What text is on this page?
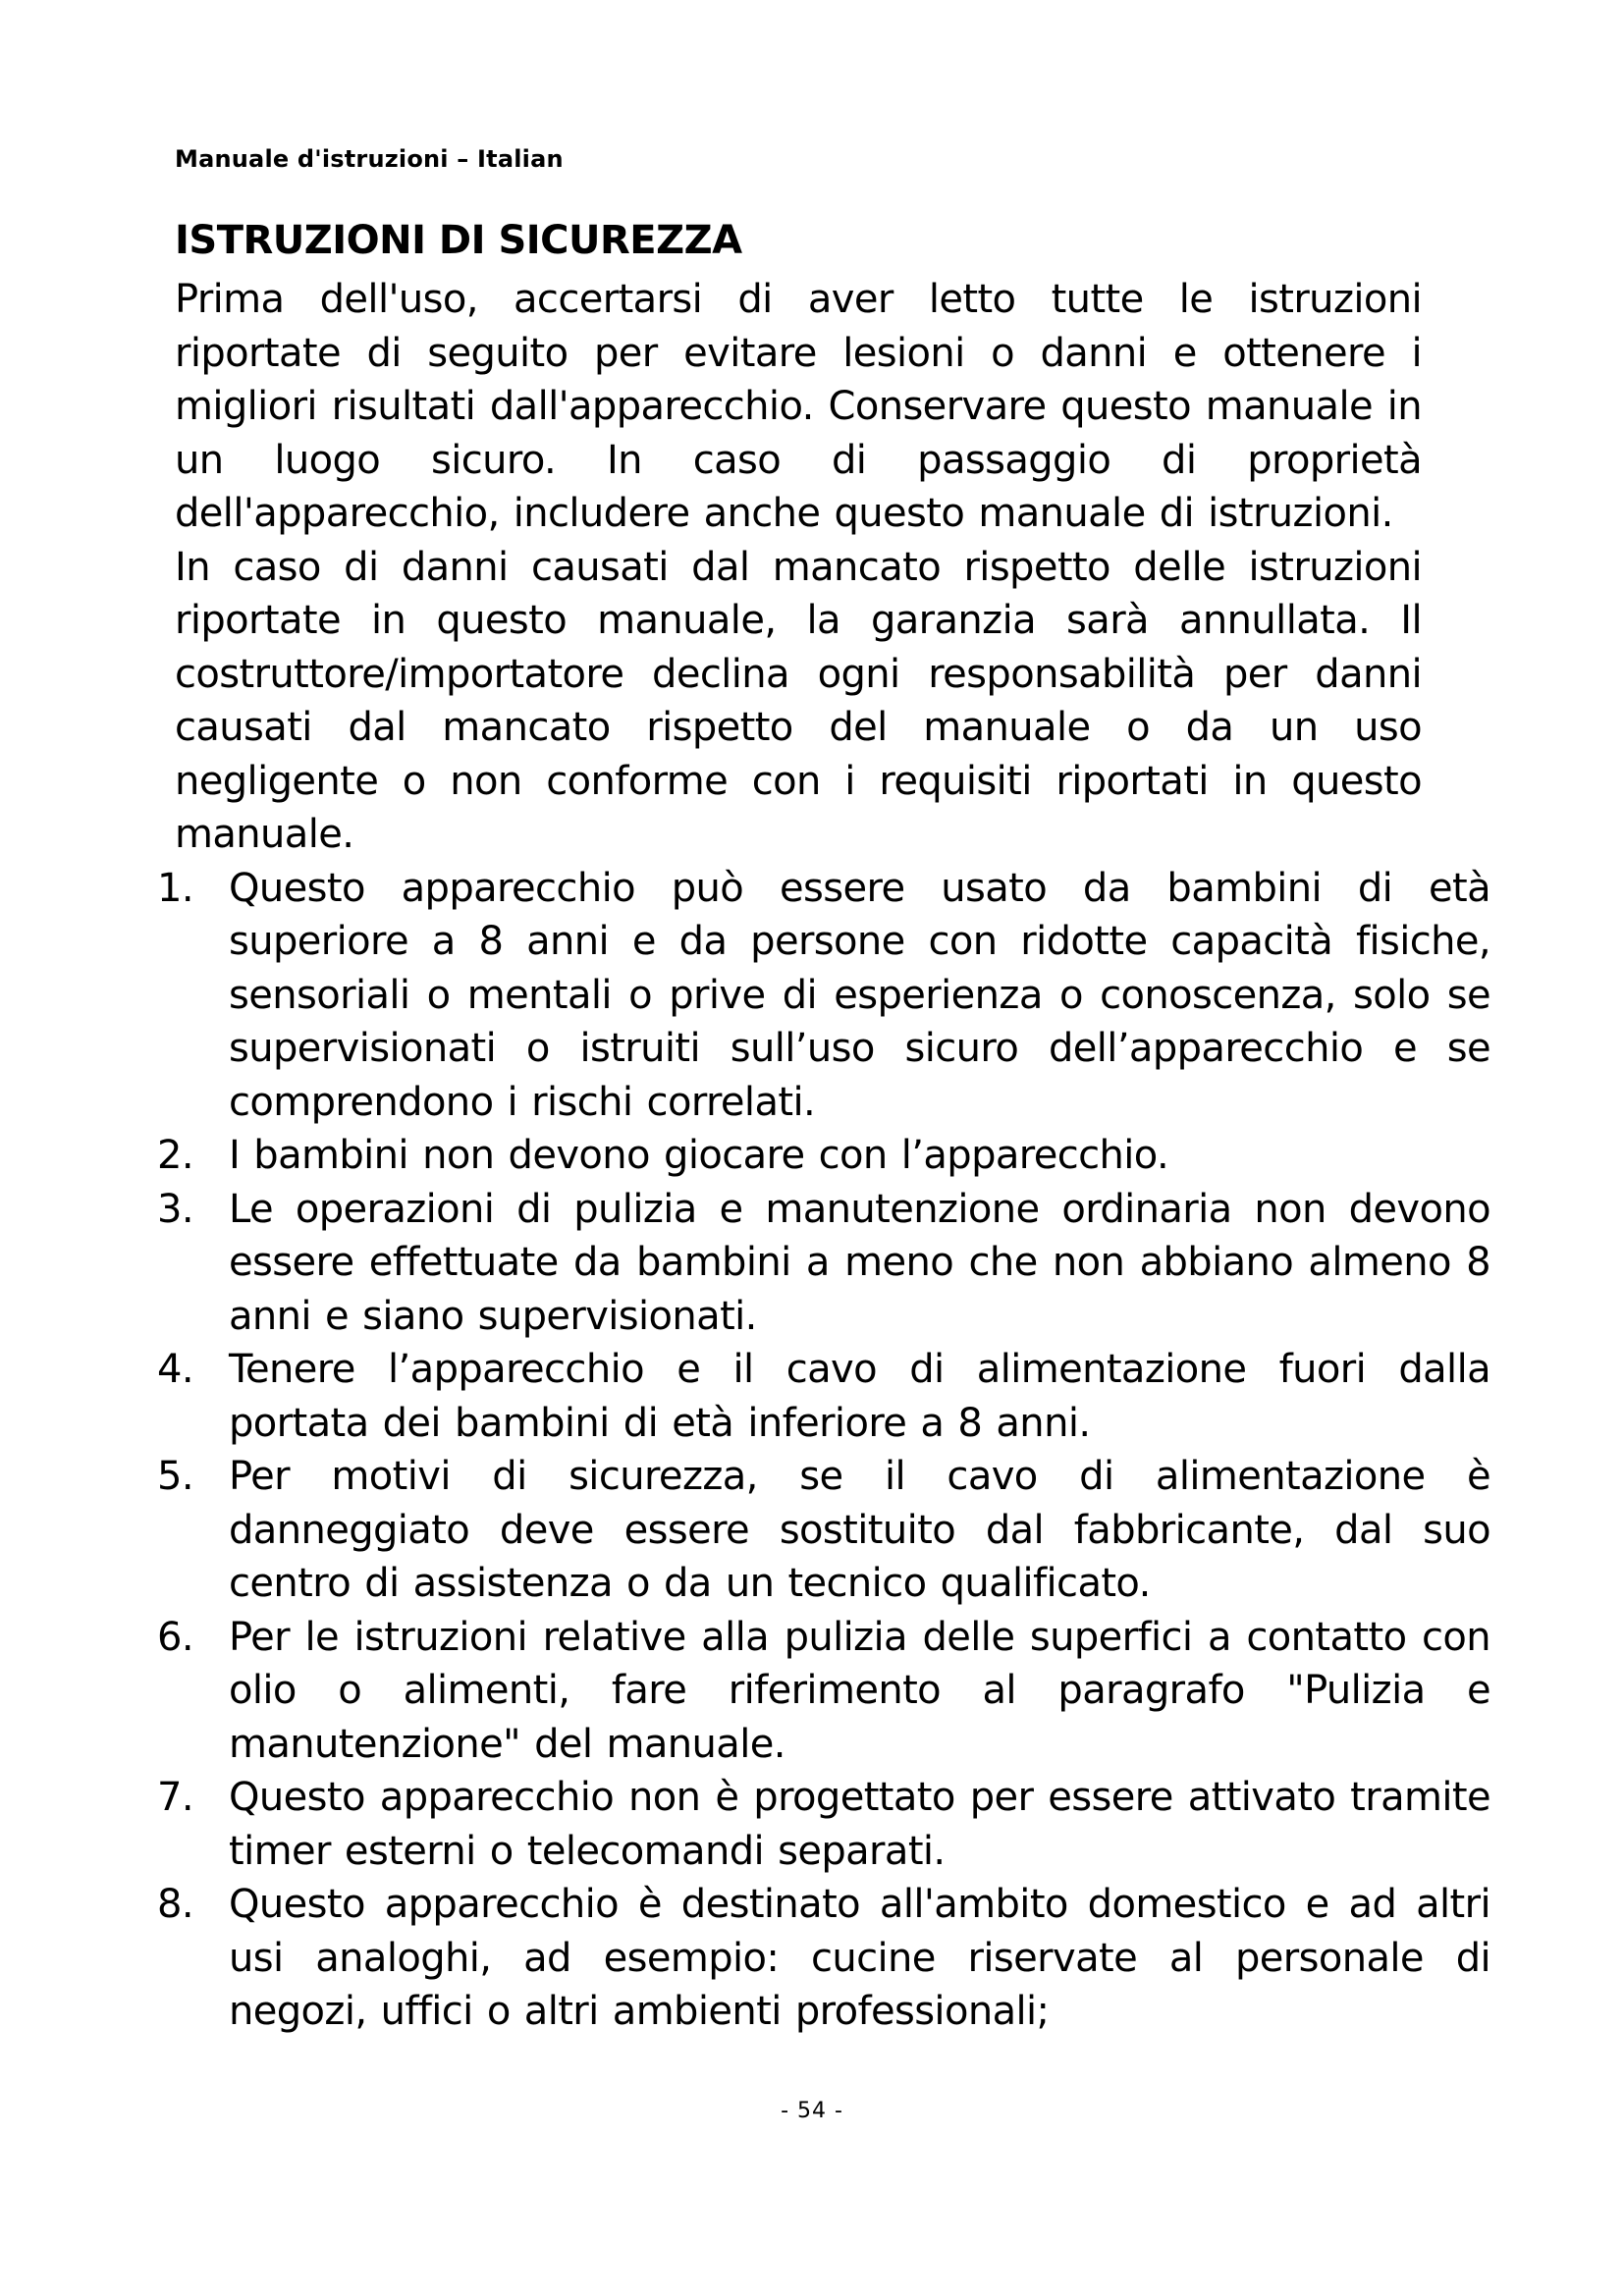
Manuale d'istruzioni – Italian
ISTRUZIONI DI SICUREZZA

Prima dell'uso, accertarsi di aver letto tutte le istruzioni riportate di seguito per evitare lesioni o danni e ottenere i migliori risultati dall'apparecchio. Conservare questo manuale in un luogo sicuro. In caso di passaggio di proprietà dell'apparecchio, includere anche questo manuale di istruzioni.

In caso di danni causati dal mancato rispetto delle istruzioni riportate in questo manuale, la garanzia sarà annullata. Il costruttore/importatore declina ogni responsabilità per danni causati dal mancato rispetto del manuale o da un uso negligente o non conforme con i requisiti riportati in questo manuale.

1. Questo apparecchio può essere usato da bambini di età superiore a 8 anni e da persone con ridotte capacità fisiche, sensoriali o mentali o prive di esperienza o conoscenza, solo se supervisionati o istruiti sull’uso sicuro dell’apparecchio e se comprendono i rischi correlati.
2. I bambini non devono giocare con l’apparecchio.
3. Le operazioni di pulizia e manutenzione ordinaria non devono essere effettuate da bambini a meno che non abbiano almeno 8 anni e siano supervisionati.
4. Tenere l’apparecchio e il cavo di alimentazione fuori dalla portata dei bambini di età inferiore a 8 anni.
5. Per motivi di sicurezza, se il cavo di alimentazione è danneggiato deve essere sostituito dal fabbricante, dal suo centro di assistenza o da un tecnico qualificato.
6. Per le istruzioni relative alla pulizia delle superfici a contatto con olio o alimenti, fare riferimento al paragrafo "Pulizia e manutenzione" del manuale.
7. Questo apparecchio non è progettato per essere attivato tramite timer esterni o telecomandi separati.
8. Questo apparecchio è destinato all'ambito domestico e ad altri usi analoghi, ad esempio: cucine riservate al personale di negozi, uffici o altri ambienti professionali;
- 54 -
